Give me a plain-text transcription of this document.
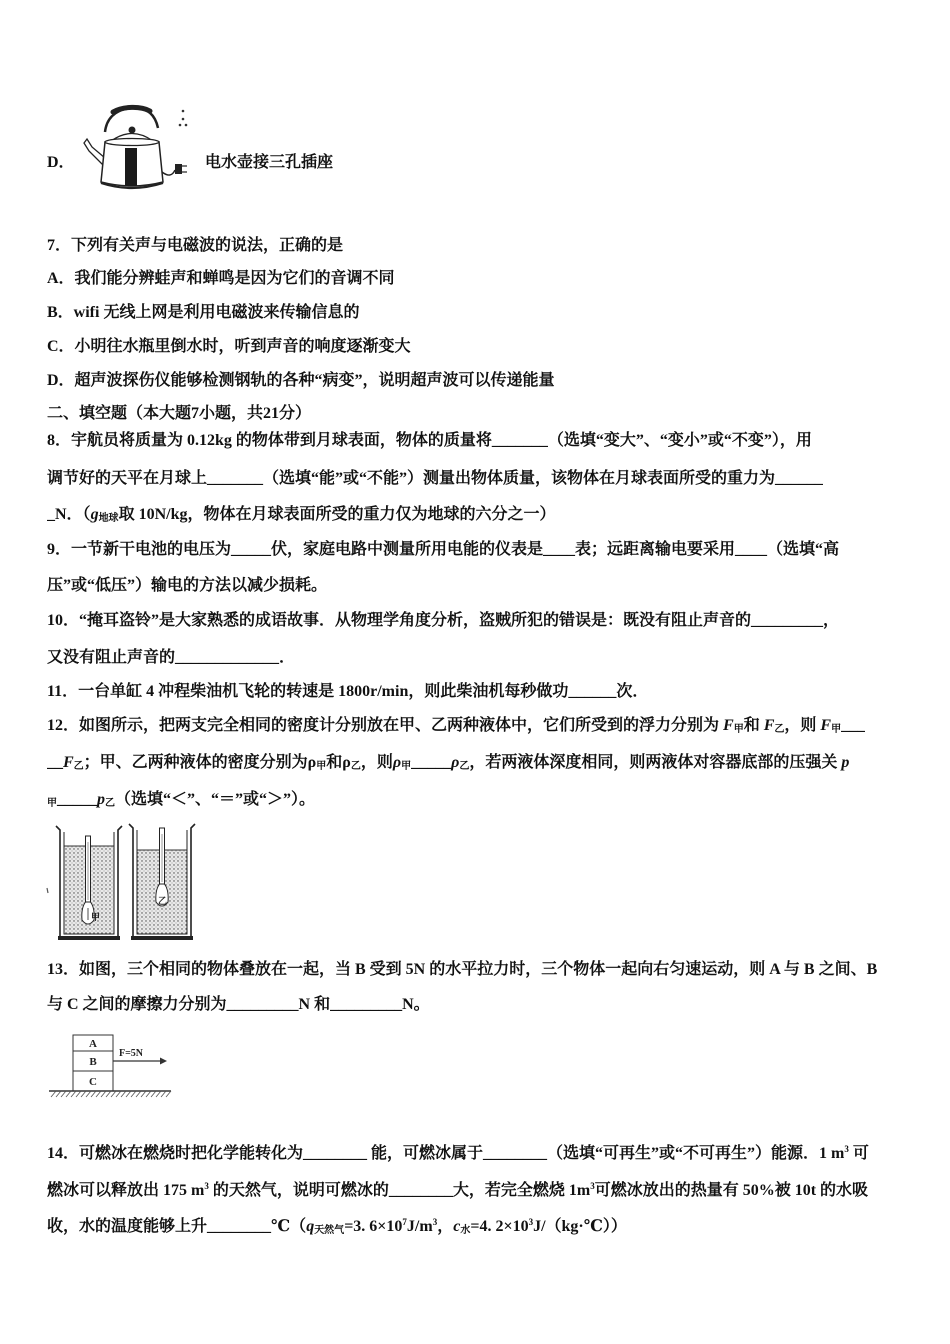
D．	电水壶接三孔插座
7．下列有关声与电磁波的说法，正确的是
A．我们能分辨蛙声和蝉鸣是因为它们的音调不同
B．wifi 无线上网是利用电磁波来传输信息的
C．小明往水瓶里倒水时，听到声音的响度逐渐变大
D．超声波探伤仪能够检测钢轨的各种“病变”，说明超声波可以传递能量
二、填空题（本大题7小题，共21分）
8．宇航员将质量为 0.12kg 的物体带到月球表面，物体的质量将_______（选填“变大”、“变小”或“不变”），用
调节好的天平在月球上_______（选填“能”或“不能”）测量出物体质量，该物体在月球表面所受的重力为______
_N．（$g_{地球}$取 10N/kg，物体在月球表面所受的重力仅为地球的六分之一）
9．一节新干电池的电压为_____伏，家庭电路中测量所用电能的仪表是____表；远距离输电要采用____（选填“高
压”或“低压”）输电的方法以减少损耗。
10．“掩耳盗铃”是大家熟悉的成语故事．从物理学角度分析，盗贼所犯的错误是：既没有阻止声音的_________，
又没有阻止声音的_____________．
11．一台单缸 4 冲程柴油机飞轮的转速是 1800r/min，则此柴油机每秒做功______次．
12．如图所示，把两支完全相同的密度计分别放在甲、乙两种液体中，它们所受到的浮力分别为 $F_甲$和 $F_乙$，则 $F_甲\_\_\_$
$\_\_F_乙$；甲、乙两种液体的密度分别为$\rho_甲$和$\rho_乙$，则$\rho_甲\_\_\_\_\_\rho_乙$，若两液体深度相同，则两液体对容器底部的压强关 p
$_甲\_\_\_\_\_p_乙$（选填“＜”、“＝”或“＞”）。
甲
乙
13．如图，三个相同的物体叠放在一起，当 B 受到 5N 的水平拉力时，三个物体一起向右匀速运动，则 A 与 B 之间、B
与 C 之间的摩擦力分别为_________N 和_________N。
A
B
C
F=5N
14．可燃冰在燃烧时把化学能转化为________ 能，可燃冰属于________（选填“可再生”或“不可再生”）能源．1 $m^3$ 可
燃冰可以释放出 175 $m^3$ 的天然气，说明可燃冰的________大，若完全燃烧 $1m^3$可燃冰放出的热量有 50%被 10t 的水吸
收，水的温度能够上升$\_\_\_\_\_\_\_\_℃(q_{天然气}=3$. $6\times 10^7J/m^3$，$c_水=4$. $2\times 10^3J/(kg\cdot℃)$）
